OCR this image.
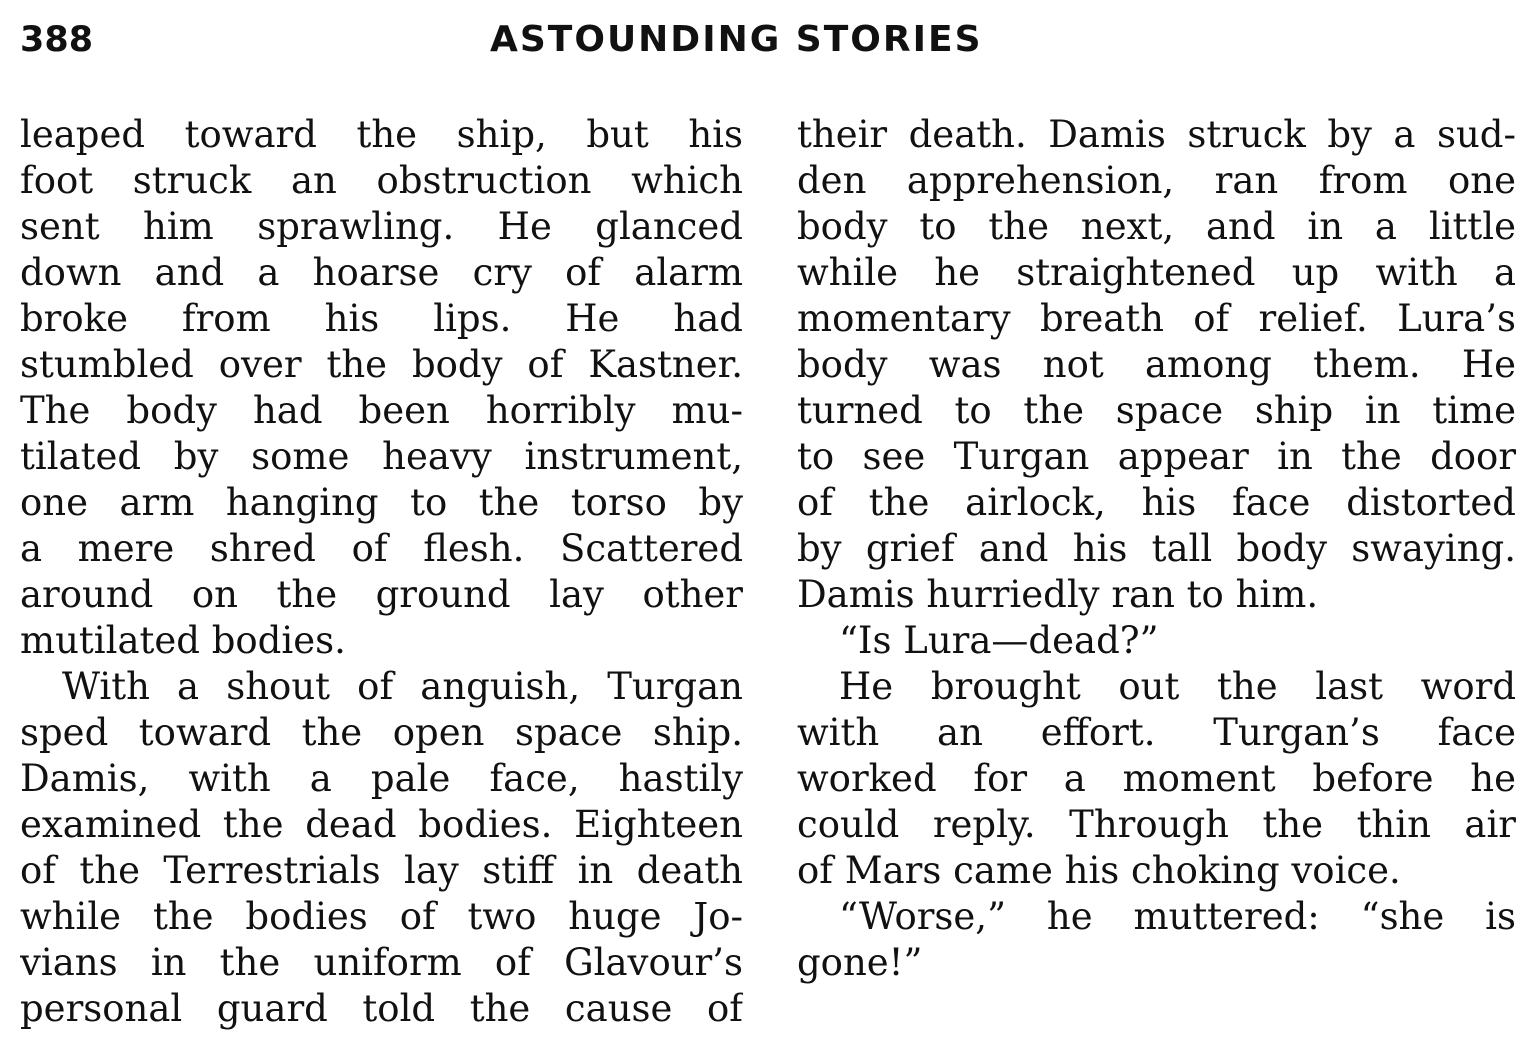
388	ASTOUNDING STORIES
leaped toward the ship, but his
foot struck an obstruction which
sent him sprawling. He glanced
down and a hoarse cry of alarm
broke from his lips. He had
stumbled over the body of Kastner.
The body had been horribly mu-
tilated by some heavy instrument,
one arm hanging to the torso by
a mere shred of flesh. Scattered
around on the ground lay other
mutilated bodies.
With a shout of anguish, Turgan
sped toward the open space ship.
Damis, with a pale face, hastily
examined the dead bodies. Eighteen
of the Terrestrials lay stiff in death
while the bodies of two huge Jo-
vians in the uniform of Glavour’s
personal guard told the cause of
their death. Damis struck by a sud-
den apprehension, ran from one
body to the next, and in a little
while he straightened up with a
momentary breath of relief. Lura’s
body was not among them. He
turned to the space ship in time
to see Turgan appear in the door
of the airlock, his face distorted
by grief and his tall body swaying.
Damis hurriedly ran to him.
“Is Lura—dead?”
He brought out the last word
with an effort. Turgan’s face
worked for a moment before he
could reply. Through the thin air
of Mars came his choking voice.
“Worse,” he muttered: “she is
gone!”
